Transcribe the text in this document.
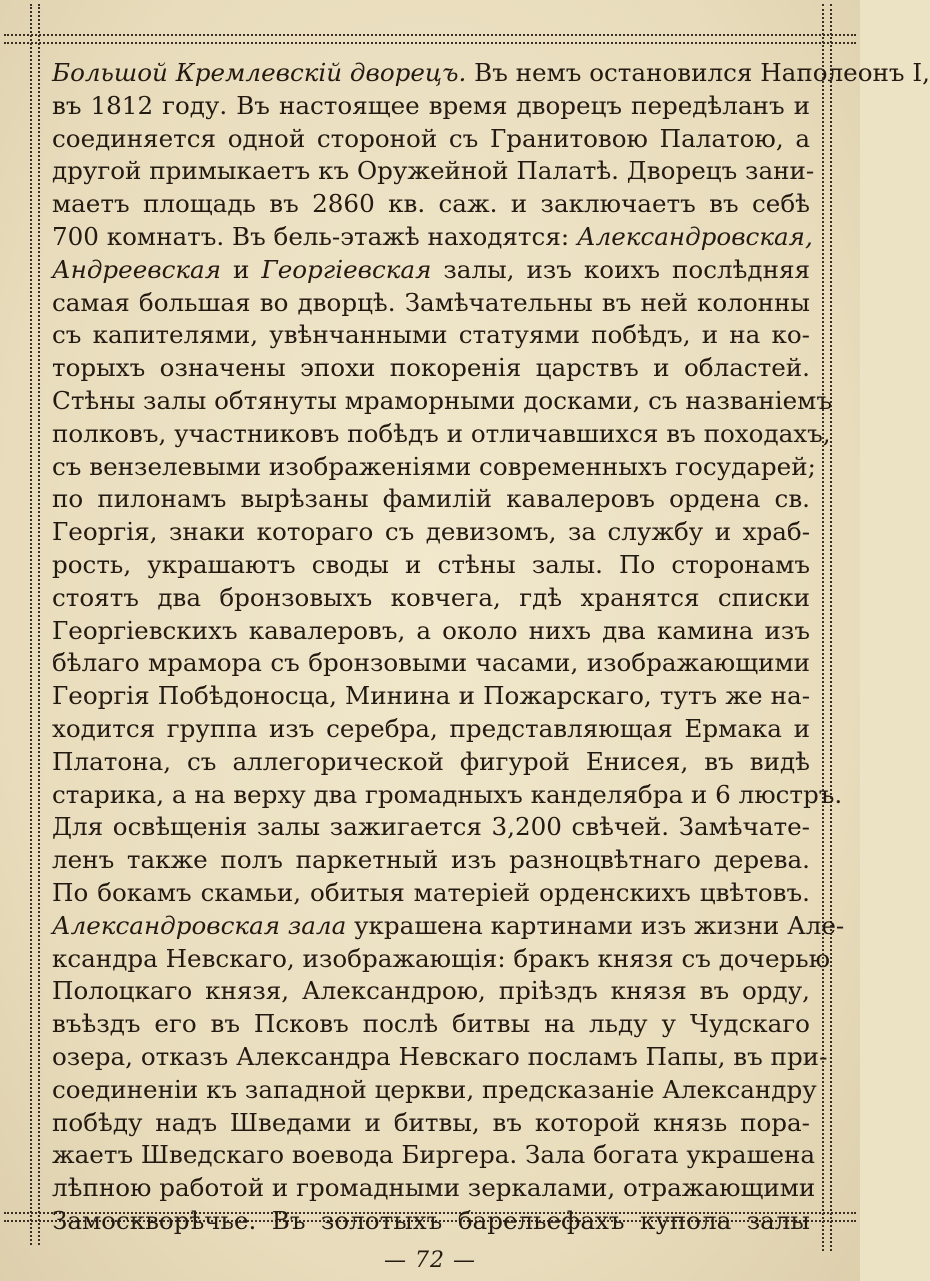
Большой Кремлевскій дворецъ. Въ немъ остановился Наполеонъ I,
въ 1812 году. Въ настоящее время дворецъ передѣланъ и
соединяется одной стороной съ Гранитовою Палатою, а
другой примыкаетъ къ Оружейной Палатѣ. Дворецъ зани-
маетъ площадь въ 2860 кв. саж. и заключаетъ въ себѣ
700 комнатъ. Въ бель-этажѣ находятся: Александровская,
Андреевская и Георгіевская залы, изъ коихъ послѣдняя
самая большая во дворцѣ. Замѣчательны въ ней колонны
съ капителями, увѣнчанными статуями побѣдъ, и на ко-
торыхъ означены эпохи покоренія царствъ и областей.
Стѣны залы обтянуты мраморными досками, съ названіемъ
полковъ, участниковъ побѣдъ и отличавшихся въ походахъ,
съ вензелевыми изображеніями современныхъ государей;
по пилонамъ вырѣзаны фамилій кавалеровъ ордена св.
Георгія, знаки котораго съ девизомъ, за службу и храб-
рость, украшаютъ своды и стѣны залы. По сторонамъ
стоятъ два бронзовыхъ ковчега, гдѣ хранятся списки
Георгіевскихъ кавалеровъ, а около нихъ два камина изъ
бѣлаго мрамора съ бронзовыми часами, изображающими
Георгія Побѣдоносца, Минина и Пожарскаго, тутъ же на-
ходится группа изъ серебра, представляющая Ермака и
Платона, съ аллегорической фигурой Енисея, въ видѣ
старика, а на верху два громадныхъ канделябра и 6 люстръ.
Для освѣщенія залы зажигается 3,200 свѣчей. Замѣчате-
ленъ также полъ паркетный изъ разноцвѣтнаго дерева.
По бокамъ скамьи, обитыя матеріей орденскихъ цвѣтовъ.
Александровская зала украшена картинами изъ жизни Але-
ксандра Невскаго, изображающія: бракъ князя съ дочерью
Полоцкаго князя, Александрою, пріѣздъ князя въ орду,
въѣздъ его въ Псковъ послѣ битвы на льду у Чудскаго
озера, отказъ Александра Невскаго посламъ Папы, въ при-
соединеніи къ западной церкви, предсказаніе Александру
побѣду надъ Шведами и битвы, въ которой князь пора-
жаетъ Шведскаго воевода Биргера. Зала богата украшена
лѣпною работой и громадными зеркалами, отражающими
Замоскворѣчье. Въ золотыхъ барельефахъ купола залы
— 72 —
